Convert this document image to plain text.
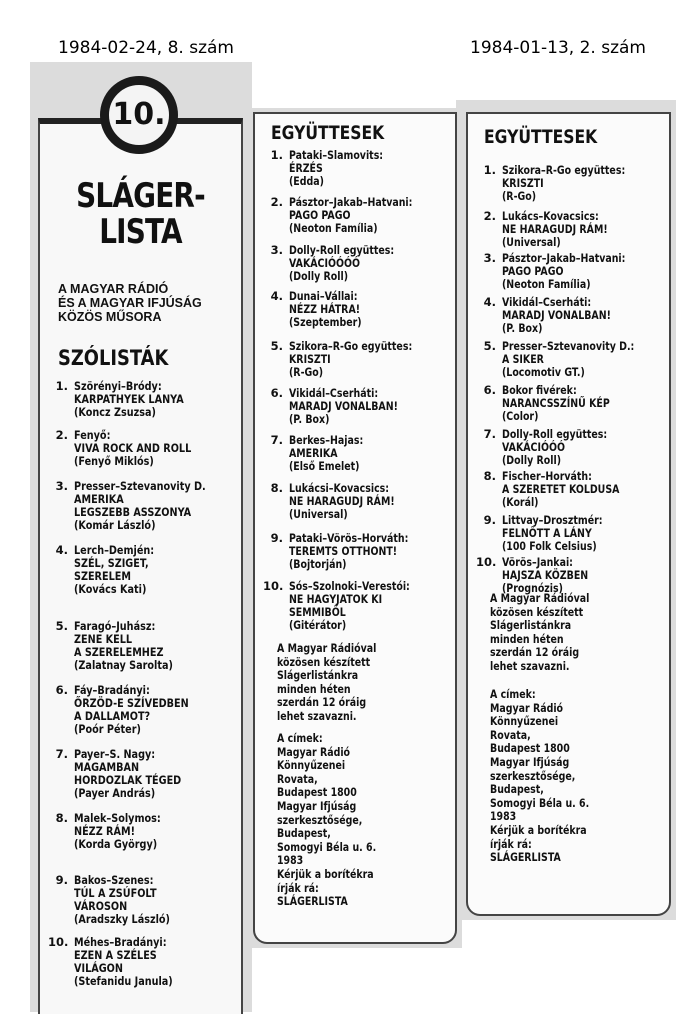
1984-02-24, 8. szám	1984-01-13, 2. szám
SLÁGER-
LISTA
A MAGYAR RÁDIÓ
ÉS A MAGYAR IFJÚSÁG
KÖZÖS MŰSORA
SZÓLISTÁK
1. Szörényi–Bródy:
KARPATHYEK LANYA
(Koncz Zsuzsa)
2. Fenyő:
VIVA ROCK AND ROLL
(Fenyő Miklós)
3. Presser–Sztevanovity D.
AMERIKA
LEGSZEBB ASSZONYA
(Komár László)
4. Lerch–Demjén:
SZÉL, SZIGET,
SZERELEM
(Kovács Kati)
5. Faragó–Juhász:
ZENE KELL
A SZERELEMHEZ
(Zalatnay Sarolta)
6. Fáy–Bradányi:
ŐRZÖD-E SZÍVEDBEN
A DALLAMOT?
(Poór Péter)
7. Payer–S. Nagy:
MAGAMBAN
HORDOZLAK TÉGED
(Payer András)
8. Malek–Solymos:
NÉZZ RÁM!
(Korda György)
9. Bakos–Szenes:
TÚL A ZSÚFOLT
VÁROSON
(Aradszky László)
10. Méhes–Bradányi:
EZEN A SZÉLES
VILÁGON
(Stefanidu Janula)
10.
EGYÜTTESEK
1. Pataki–Slamovits:
ÉRZÉS
(Edda)
2. Pásztor–Jakab–Hatvani:
PAGO PAGO
(Neoton Família)
3. Dolly-Roll együttes:
VAKÁCIÓÓÓÓ
(Dolly Roll)
4. Dunai–Vállai:
NÉZZ HÁTRA!
(Szeptember)
5. Szikora–R-Go együttes:
KRISZTI
(R-Go)
6. Vikidál–Cserháti:
MARADJ VONALBAN!
(P. Box)
7. Berkes–Hajas:
AMERIKA
(Első Emelet)
8. Lukácsi–Kovacsics:
NE HARAGUDJ RÁM!
(Universal)
9. Pataki–Vörös–Horváth:
TEREMTS OTTHONT!
(Bojtorján)
10. Sós–Szolnoki–Verestói:
NE HAGYJATOK KI
SEMMIBŐL
(Gitérátor)
A Magyar Rádióval
közösen készített
Slágerlistánkra
minden héten
szerdán 12 óráig
lehet szavazni.
A címek:
Magyar Rádió
Könnyűzenei
Rovata,
Budapest 1800
Magyar Ifjúság
szerkesztősége,
Budapest,
Somogyi Béla u. 6.
1983
Kérjük a borítékra
írják rá:
SLÁGERLISTA
EGYÜTTESEK
1. Szikora–R-Go együttes:
KRISZTI
(R-Go)
2. Lukács–Kovacsics:
NE HARAGUDJ RÁM!
(Universal)
3. Pásztor–Jakab–Hatvani:
PAGO PAGO
(Neoton Família)
4. Vikidál–Cserháti:
MARADJ VONALBAN!
(P. Box)
5. Presser–Sztevanovity D.:
A SIKER
(Locomotiv GT.)
6. Bokor fivérek:
NARANCSSZÍNŰ KÉP
(Color)
7. Dolly-Roll együttes:
VAKÁCIÓÓÓ
(Dolly Roll)
8. Fischer–Horváth:
A SZERETET KOLDUSA
(Korál)
9. Littvay–Drosztmér:
FELNŐTT A LÁNY
(100 Folk Celsius)
10. Vörös–Jankai:
HAJSZA KÖZBEN
(Prognózis)
A Magyar Rádióval
közösen készített
Slágerlistánkra
minden héten
szerdán 12 óráig
lehet szavazni.
A címek:
Magyar Rádió
Könnyűzenei
Rovata,
Budapest 1800
Magyar Ifjúság
szerkesztősége,
Budapest,
Somogyi Béla u. 6.
1983
Kérjük a borítékra
írják rá:
SLÁGERLISTA
